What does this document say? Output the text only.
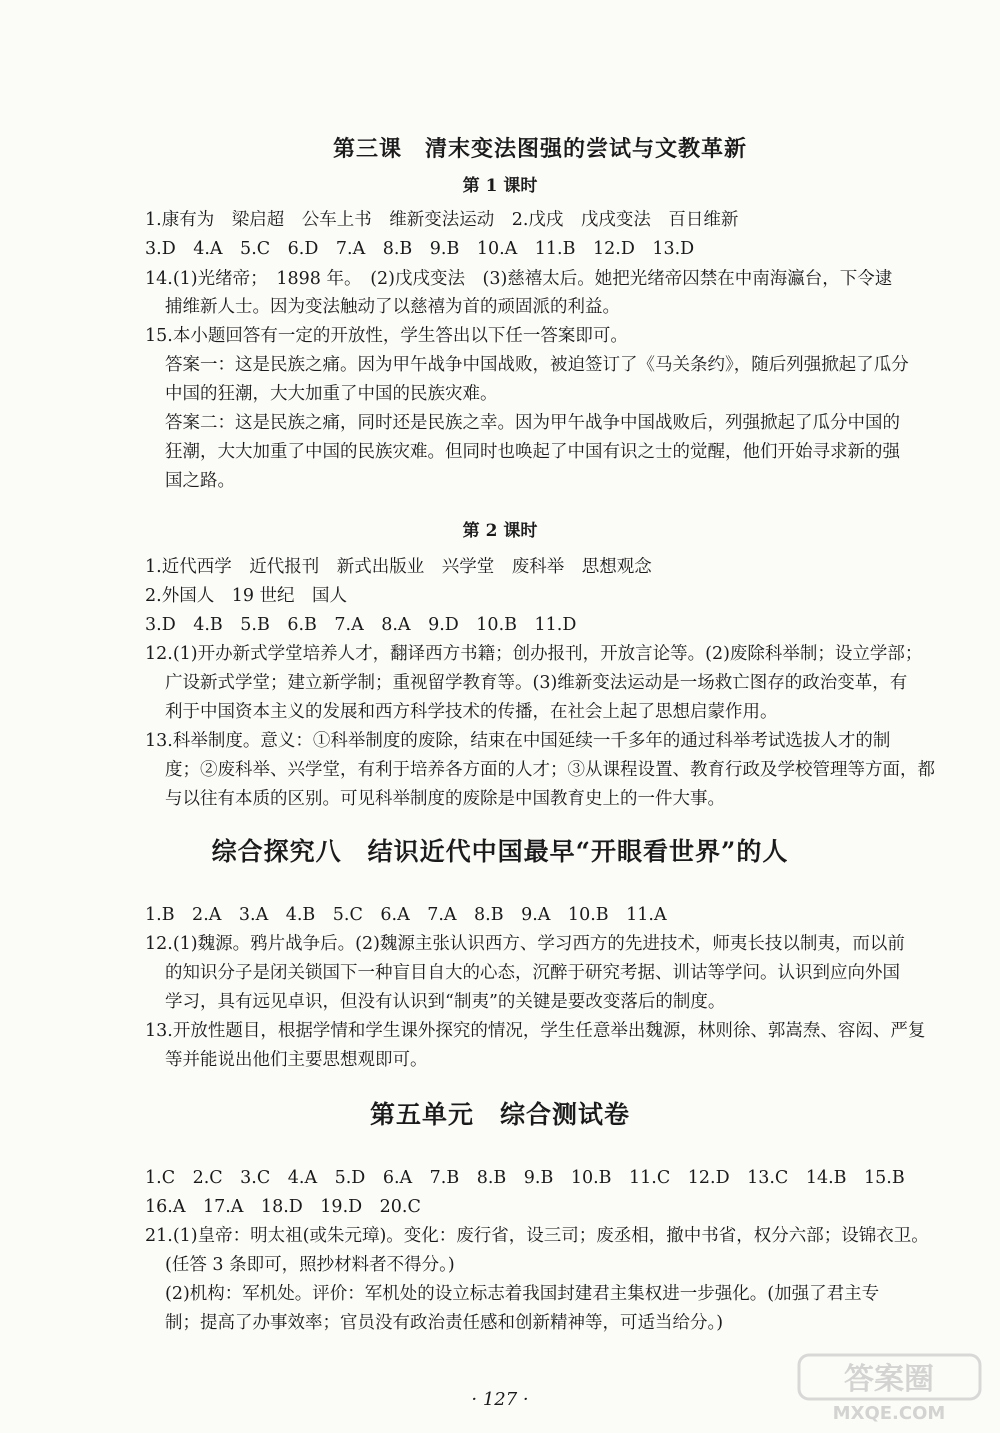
第三课　清末变法图强的尝试与文教革新
第 1 课时
1.康有为　梁启超　公车上书　维新变法运动　2.戊戌　戊戌变法　百日维新
3.D　4.A　5.C　6.D　7.A　8.B　9.B　10.A　11.B　12.D　13.D
14.(1)光绪帝；　1898 年。　(2)戊戌变法　(3)慈禧太后。她把光绪帝囚禁在中南海瀛台，下令逮
捕维新人士。因为变法触动了以慈禧为首的顽固派的利益。
15.本小题回答有一定的开放性，学生答出以下任一答案即可。
答案一：这是民族之痛。因为甲午战争中国战败，被迫签订了《马关条约》，随后列强掀起了瓜分
中国的狂潮，大大加重了中国的民族灾难。
答案二：这是民族之痛，同时还是民族之幸。因为甲午战争中国战败后，列强掀起了瓜分中国的
狂潮，大大加重了中国的民族灾难。但同时也唤起了中国有识之士的觉醒，他们开始寻求新的强
国之路。
第 2 课时
1.近代西学　近代报刊　新式出版业　兴学堂　废科举　思想观念
2.外国人　19 世纪　国人
3.D　4.B　5.B　6.B　7.A　8.A　9.D　10.B　11.D
12.(1)开办新式学堂培养人才，翻译西方书籍；创办报刊，开放言论等。(2)废除科举制；设立学部；
广设新式学堂；建立新学制；重视留学教育等。(3)维新变法运动是一场救亡图存的政治变革，有
利于中国资本主义的发展和西方科学技术的传播，在社会上起了思想启蒙作用。
13.科举制度。意义：①科举制度的废除，结束在中国延续一千多年的通过科举考试选拔人才的制
度；②废科举、兴学堂，有利于培养各方面的人才；③从课程设置、教育行政及学校管理等方面，都
与以往有本质的区别。可见科举制度的废除是中国教育史上的一件大事。
综合探究八　结识近代中国最早“开眼看世界”的人
1.B　2.A　3.A　4.B　5.C　6.A　7.A　8.B　9.A　10.B　11.A
12.(1)魏源。鸦片战争后。(2)魏源主张认识西方、学习西方的先进技术，师夷长技以制夷，而以前
的知识分子是闭关锁国下一种盲目自大的心态，沉醉于研究考据、训诂等学问。认识到应向外国
学习，具有远见卓识，但没有认识到“制夷”的关键是要改变落后的制度。
13.开放性题目，根据学情和学生课外探究的情况，学生任意举出魏源，林则徐、郭嵩焘、容闳、严复
等并能说出他们主要思想观即可。
第五单元　综合测试卷
1.C　2.C　3.C　4.A　5.D　6.A　7.B　8.B　9.B　10.B　11.C　12.D　13.C　14.B　15.B
16.A　17.A　18.D　19.D　20.C
21.(1)皇帝：明太祖(或朱元璋)。变化：废行省，设三司；废丞相，撤中书省，权分六部；设锦衣卫。
(任答 3 条即可，照抄材料者不得分。)
(2)机构：军机处。评价：军机处的设立标志着我国封建君主集权进一步强化。(加强了君主专
制；提高了办事效率；官员没有政治责任感和创新精神等，可适当给分。)
· 127 ·
答案圈
MXQE.COM
